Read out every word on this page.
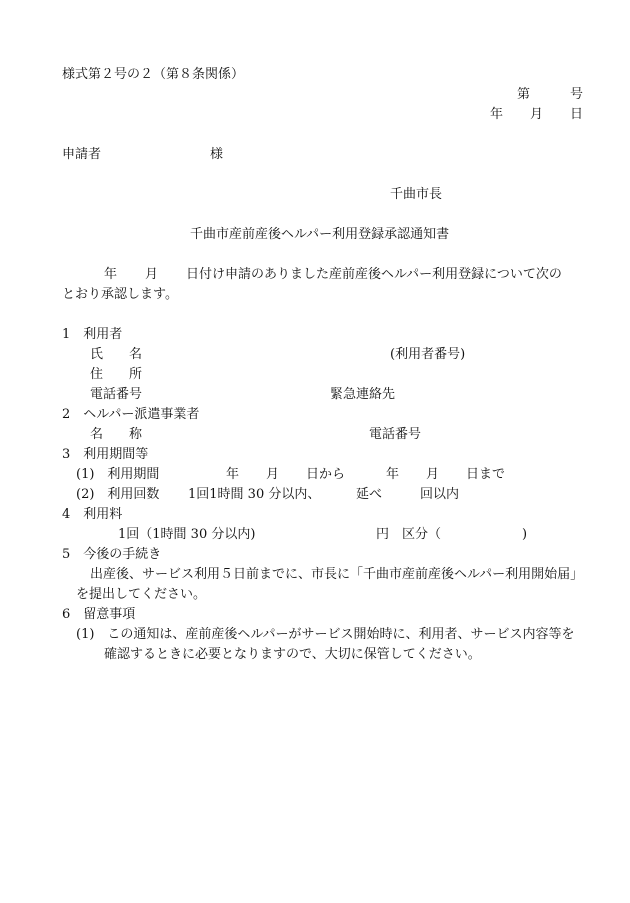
様式第２号の２（第８条関係）
第	号
年 月 日
申請者	様
千曲市長
千曲市産前産後ヘルパー利用登録承認通知書
年 月 日付け申請のありました産前産後ヘルパー利用登録について次の
とおり承認します。
1　利用者
氏　　名	(利用者番号)
住　　所
電話番号	緊急連絡先
2　ヘルパー派遣事業者
名　　称	電話番号
3　利用期間等
(1)　利用期間	年 月 日から	年 月 日まで
(2)　利用回数 1回1時間 30 分以内、	延べ	回以内
4　利用料
1回（1時間 30 分以内)	円　区分（	)
5　今後の手続き
出産後、サービス利用５日前までに、市長に「千曲市産前産後ヘルパー利用開始届」
を提出してください。
6　留意事項
(1)　この通知は、産前産後ヘルパーがサービス開始時に、利用者、サービス内容等を
確認するときに必要となりますので、大切に保管してください。
